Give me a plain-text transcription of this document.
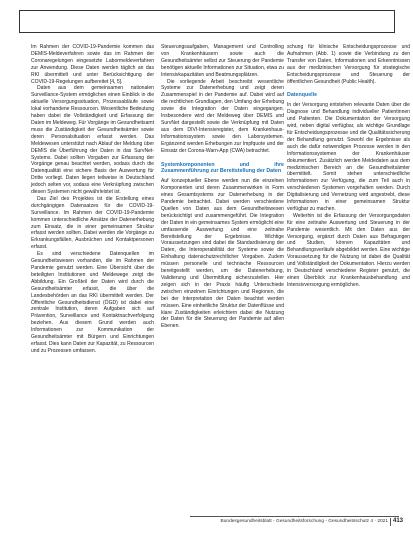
Im Rahmen der COVID-19-Pandemie kommen das DEMIS-Meldeverfahren sowie das im Rahmen der Coronaregelungen eingesetzte Labormeldeverfahren zur Anwendung. Diese Daten werden täglich an das RKI übermittelt und unter Berücksichtigung der COVID-19-Regelungen aufbereitet [4, 5].

Daten aus dem gemeinsamen nationalen Surveillance-System ermöglichen einen Einblick in die aktuelle Versorgungssituation, Prozessabläufe sowie lokal vorhandene Ressourcen. Wesentliche Bedeutung haben dabei die Vollständigkeit und Erfassung der Daten im Meldeweg. Für Vorgänge im Gesundheitsamt muss die Zuständigkeit der Gesundheitsämter sowie deren Personalsituation erfasst werden. Das Meldewesen unterstützt nach Ablauf der Meldung über DEMIS die Überführung der Daten in das SurvNet-Systems. Dabei sollten Vorgaben zur Erfassung der Vorgänge genau beachtet werden, sodass durch die Datenqualität eine sichere Basis der Auswertung für Dritte vorliegt. Daten liegen teilweise in Deutschland jedoch selten vor, sodass eine Verknüpfung zwischen diesen Systemen nicht gewährleistet ist.

Das Ziel des Projektes ist die Erstellung eines durchgängigen Datensatzes für die COVID-19-Surveillance. Im Rahmen der COVID-19-Pandemie kommen unterschiedliche Ansätze der Datenerhebung zum Einsatz, die in einer gemeinsamen Struktur erfasst werden sollten. Dabei werden die Vorgänge zu Erkrankungsfällen, Ausbrüchen und Kontaktpersonen erfasst.

Es sind verschiedene Datenquellen im Gesundheitswesen vorhanden, die im Rahmen der Pandemie genutzt werden. Eine Übersicht über die beteiligten Institutionen und Meldewege zeigt die Abbildung. Ein Großteil der Daten wird durch die Gesundheitsämter erfasst, die über die Landesbehörden an das RKI übermittelt werden. Der Öffentliche Gesundheitsdienst (ÖGD) ist dabei eine zentrale Institution, deren Aufgaben sich auf Prävention, Surveillance und Kontaktnachverfolgung beziehen. Aus diesem Grund werden auch Informationen zur Kommunikation der Gesundheitsämter mit Bürgern und Einrichtungen erfasst. Dies kann Daten zur Kapazität, zu Ressourcen und zu Prozessen umfassen.

Steuerungsaufgaben, Management und Controlling von Krankenhäusern sowie auch die Gesundheitsämter selbst zur Steuerung der Pandemie benötigen aktuelle Informationen zur Situation, etwa zu Intensivkapazitäten und Beatmungsplätzen.

Die vorliegende Arbeit beschreibt wesentliche Systeme zur Datenerhebung und zeigt deren Zusammenspiel in der Pandemie auf. Dabei wird auf die rechtlichen Grundlagen, den Umfang der Erhebung sowie die Integration der Daten eingegangen. Insbesondere wird der Meldeweg über DEMIS und SurvNet dargestellt sowie die Verknüpfung mit Daten aus dem DIVI-Intensivregister, dem Krankenhaus-Informationssystem sowie den Laborsystemen. Ergänzend werden Erhebungen zur Impfquote und der Einsatz der Corona-Warn-App (CWA) betrachtet.

Systemkomponenten und ihre Zusammenführung zur Bereitstellung der Daten

Auf konzeptueller Ebene werden nun die einzelnen Komponenten und deren Zusammenwirken in Form eines Gesamtsystems zur Datenerhebung in der Pandemie betrachtet. Dabei werden verschiedene Quellen von Daten aus dem Gesundheitswesen berücksichtigt und zusammengeführt. Die Integration der Daten in ein gemeinsames System ermöglicht eine umfassende Auswertung und eine zeitnahe Bereitstellung der Ergebnisse. Wichtige Voraussetzungen sind dabei die Standardisierung der Daten, die Interoperabilität der Systeme sowie die Einhaltung datenschutzrechtlicher Vorgaben. Zudem müssen personelle und technische Ressourcen bereitgestellt werden, um die Datenerhebung, Validierung und Übermittlung sicherzustellen. Hier zeigen sich in der Praxis häufig Unterschiede zwischen einzelnen Einrichtungen und Regionen, die bei der Interpretation der Daten beachtet werden müssen. Eine einheitliche Struktur der Datenflüsse und klare Zuständigkeiten erleichtern dabei die Nutzung der Daten für die Steuerung der Pandemie auf allen Ebenen.

schung für klinische Entscheidungsprozesse und Aufnahmen (Abb. 1) sowie die Verbindung zu den Transfer von Daten, Informationen und Erkenntnissen aus der medizinischen Versorgung für strategische Entscheidungsprozesse und Steuerung der öffentlichen Gesundheit (Public Health).

Datenquelle

In der Versorgung entstehen relevante Daten über die Diagnose und Behandlung individueller Patientinnen und Patienten. Die Dokumentation der Versorgung wird, neben digital verfügbar, als wichtige Grundlage für Entscheidungsprozesse und die Qualitätssicherung der Behandlung genutzt. Sowohl die Ergebnisse als auch die dafür notwendigen Prozesse werden in den Informationssystemen der Krankenhäuser dokumentiert. Zusätzlich werden Meldedaten aus dem medizinischen Bereich an die Gesundheitsämter übermittelt. Somit stehen unterschiedliche Informationen zur Verfügung, die zum Teil auch in verschiedenen Systemen vorgehalten werden. Durch Digitalisierung und Vernetzung wird angestrebt, diese Informationen in einer gemeinsamen Struktur verfügbar zu machen.

Weiterhin ist die Erfassung der Versorgungsdaten für eine zeitnahe Auswertung und Steuerung in der Pandemie wesentlich. Mit den Daten aus der Versorgung, ergänzt durch Daten aus Befragungen und Studien, können Kapazitäten und Behandlungsverläufe abgebildet werden. Eine wichtige Voraussetzung für die Nutzung ist dabei die Qualität und Vollständigkeit der Dokumentation. Hierzu werden in Deutschland verschiedene Register genutzt, die einen Überblick zur Krankenhausbehandlung und Intensivversorgung ermöglichen.

Bundesgesundheitsblatt - Gesundheitsforschung - Gesundheitsschutz 4 · 2021 413
